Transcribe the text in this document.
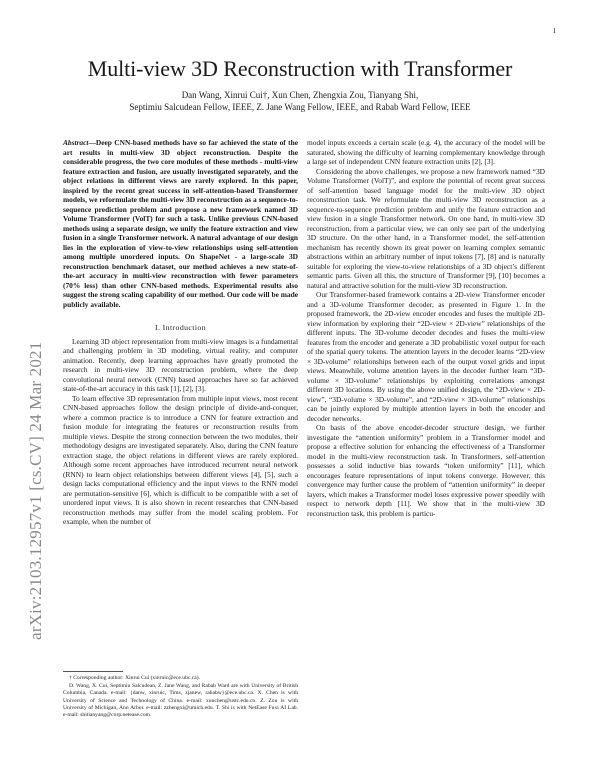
1
arXiv:2103.12957v1 [cs.CV] 24 Mar 2021
Multi-view 3D Reconstruction with Transformer
Dan Wang, Xinrui Cui†, Xun Chen, Zhengxia Zou, Tianyang Shi,
Septimiu Salcudean Fellow, IEEE, Z. Jane Wang Fellow, IEEE, and Rabab Ward Fellow, IEEE

Abstract—Deep CNN-based methods have so far achieved the state of the art results in multi-view 3D object reconstruction. Despite the considerable progress, the two core modules of these methods - multi-view feature extraction and fusion, are usually investigated separately, and the object relations in different views are rarely explored. In this paper, inspired by the recent great success in self-attention-based Transformer models, we reformulate the multi-view 3D reconstruction as a sequence-to-sequence prediction problem and propose a new framework named 3D Volume Transformer (VolT) for such a task. Unlike previous CNN-based methods using a separate design, we unify the feature extraction and view fusion in a single Transformer network. A natural advantage of our design lies in the exploration of view-to-view relationships using self-attention among multiple unordered inputs. On ShapeNet - a large-scale 3D reconstruction benchmark dataset, our method achieves a new state-of-the-art accuracy in multi-view reconstruction with fewer parameters (70% less) than other CNN-based methods. Experimental results also suggest the strong scaling capability of our method. Our code will be made publicly available.

I. Introduction

Learning 3D object representation from multi-view images is a fundamental and challenging problem in 3D modeling, virtual reality, and computer animation. Recently, deep learning approaches have greatly promoted the research in multi-view 3D reconstruction problem, where the deep convolutional neural network (CNN) based approaches have so far achieved state-of-the-art accuracy in this task [1], [2], [3].

To learn effective 3D representation from multiple input views, most recent CNN-based approaches follow the design principle of divide-and-conquer, where a common practice is to introduce a CNN for feature extraction and fusion module for integrating the features or reconstruction results from multiple views. Despite the strong connection between the two modules, their methodology designs are investigated separately. Also, during the CNN feature extraction stage, the object relations in different views are rarely explored. Although some recent approaches have introduced recurrent neural network (RNN) to learn object relationships between different views [4], [5], such a design lacks computational efficiency and the input views to the RNN model are permutation-sensitive [6], which is difficult to be compatible with a set of unordered input views. It is also shown in recent researches that CNN-based reconstruction methods may suffer from the model scaling problem. For example, when the number of

model inputs exceeds a certain scale (e.g. 4), the accuracy of the model will be saturated, showing the difficulty of learning complementary knowledge through a large set of independent CNN feature extraction units [2], [3].

Considering the above challenges, we propose a new framework named “3D Volume Transformer (VolT)”, and explore the potential of recent great success of self-attention based language model for the multi-view 3D object reconstruction task. We reformulate the multi-view 3D reconstruction as a sequence-to-sequence prediction problem and unify the feature extraction and view fusion in a single Transformer network. On one hand, in multi-view 3D reconstruction, from a particular view, we can only see part of the underlying 3D structure. On the other hand, in a Transformer model, the self-attention mechanism has recently shown its great power on learning complex semantic abstractions within an arbitrary number of input tokens [7], [8] and is naturally suitable for exploring the view-to-view relationships of a 3D object’s different semantic parts. Given all this, the structure of Transformer [9], [10] becomes a natural and attractive solution for the multi-view 3D reconstruction.

Our Transformer-based framework contains a 2D-view Transformer encoder and a 3D-volume Transformer decoder, as presented in Figure 1. In the proposed framework, the 2D-view encoder encodes and fuses the multiple 2D-view information by exploring their “2D-view × 2D-view” relationships of the different inputs. The 3D-volume decoder decodes and fuses the multi-view features from the encoder and generate a 3D probabilistic voxel output for each of the spatial query tokens. The attention layers in the decoder learns “2D-view × 3D-volume” relationships between each of the output voxel grids and input views. Meanwhile, volume attention layers in the decoder further learn “3D-volume × 3D-volume” relationships by exploiting correlations amongst different 3D locations. By using the above unified design, the “2D-view × 2D-view”, “3D-volume × 3D-volume”, and “2D-view × 3D-volume” relationships can be jointly explored by multiple attention layers in both the encoder and decoder networks.

On basis of the above encoder-decoder structure design, we further investigate the “attention uniformity” problem in a Transformer model and propose a effective solution for enhancing the effectiveness of a Transformer model in the multi-view reconstruction task. In Transformers, self-attention possesses a solid inductive bias towards “token uniformity” [11], which encourages feature representations of input tokens converge. However, this convergence may further cause the problem of “attention uniformity” in deeper layers, which makes a Transformer model loses expressive power speedily with respect to network depth [11]. We show that in the multi-view 3D reconstruction task, this problem is particu-

† Corresponding author: Xinrui Cui (xinruic@ece.ubc.ca).

D. Wang, X. Cui, Septimiu Salcudean, Z. Jane Wang, and Rabab Ward are with University of British Columbia, Canada. e-mail: {danw, xinruic, Tims, zjanew, rababw}@ece.ubc.ca. X. Chen is with University of Science and Technology of China. e-mail: xunchen@ustc.edu.cn. Z. Zou is with University of Michigan, Ann Arbor. e-mail: zzhengxi@umich.edu. T. Shi is with NetEase Fuxi AI Lab. e-mail: shitianyang@corp.netease.com.
